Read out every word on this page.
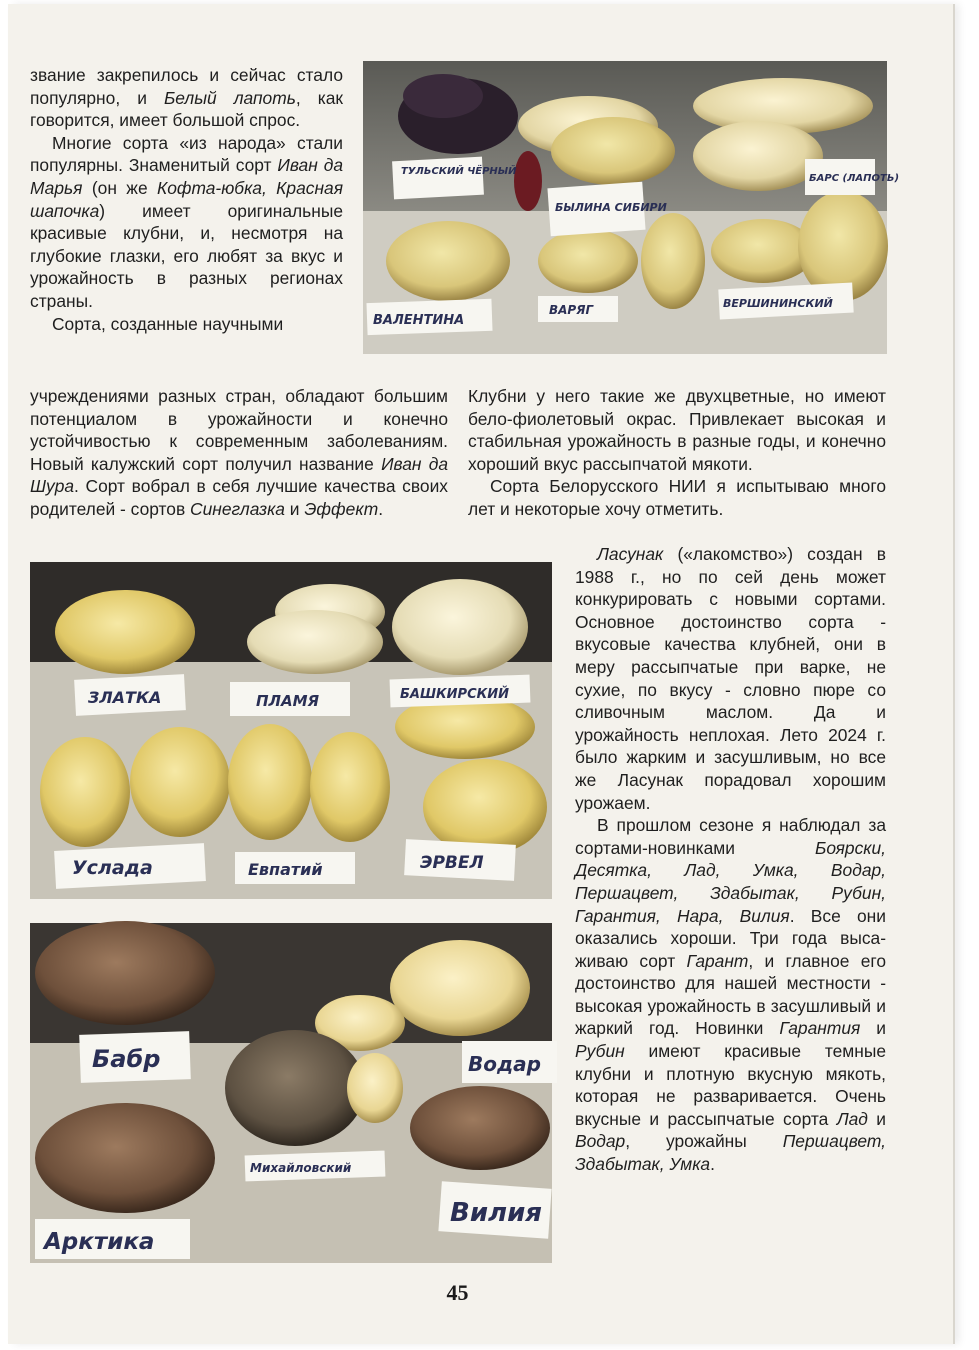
звание закрепилось и сейчас стало популярно, и Белый лапоть, как говорится, имеет большой спрос.

Многие сорта «из народа» стали популярны. Знаменитый сорт Иван да Марья (он же Кофта-юбка, Красная шапочка) имеет оригинальные красивые клубни, и, несмотря на глубокие глазки, его любят за вкус и урожайность в разных регионах страны.

Сорта, созданные научными

учреждениями разных стран, обладают большим потенциалом в урожайности и конечно устойчивостью к современным заболеваниям. Новый калужский сорт получил название Иван да Шура. Сорт вобрал в себя лучшие качества своих родителей - сортов Синеглазка и Эффект.

Клубни у него такие же двухцветные, но имеют бело-фиолетовый окрас. Привлекает высокая и стабильная урожайность в разные годы, и конечно хороший вкус рассыпчатой мякоти.

Сорта Белорусского НИИ я испытываю много лет и некоторые хочу отметить.

Ласунак («лакомство») создан в 1988 г., но по сей день может конкурировать с новыми сортами. Основное достоинство сорта - вкусовые качества клубней, они в меру рассыпчатые при варке, не сухие, по вкусу - словно пюре со сливочным маслом. Да и урожайность неплохая. Лето 2024 г. было жарким и засушливым, но все же Ласунак порадовал хорошим урожаем.

В прошлом сезоне я наблюдал за сортами-новинками Боярски, Десятка, Лад, Умка, Водар, Першацвет, Здабытак, Рубин, Гарантия, Нара, Вилия. Все они оказались хороши. Три года высаживаю сорт Гарант, и главное его достоинство для нашей местности - высокая урожайность в засушливый и жаркий год. Новинки Гарантия и Рубин имеют красивые темные клубни и плотную вкусную мякоть, которая не разваривается. Очень вкусные и рассыпчатые сорта Лад и Водар, урожайны Першацвет, Здабытак, Умка.

ТУЛЬСКИЙ ЧЁРНЫЙ
БЫЛИНА СИБИРИ
БАРС (ЛАПОТЬ)
ВАЛЕНТИНА
ВАРЯГ	ВЕРШИНИНСКИЙ
ЗЛАТКА	ПЛАМЯ	БАШКИРСКИЙ
Услада	Евпатий	ЭРВЕЛ
Бабр	Водар
Михайловский
Вилия
Арктика
45
